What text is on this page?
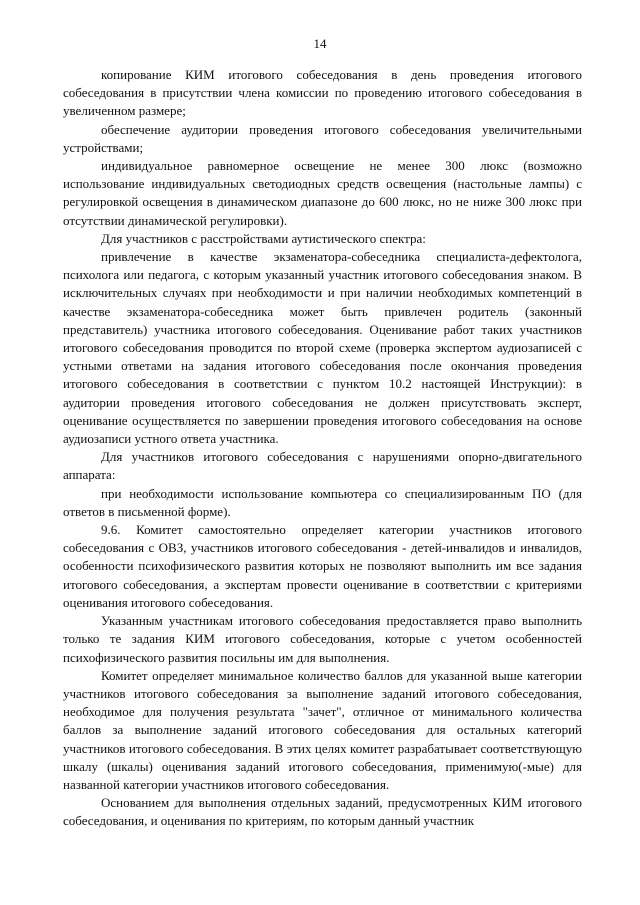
14

копирование КИМ итогового собеседования в день проведения итогового собеседования в присутствии члена комиссии по проведению итогового собеседования в увеличенном размере;

обеспечение аудитории проведения итогового собеседования увеличительными устройствами;

индивидуальное равномерное освещение не менее 300 люкс (возможно использование индивидуальных светодиодных средств освещения (настольные лампы) с регулировкой освещения в динамическом диапазоне до 600 люкс, но не ниже 300 люкс при отсутствии динамической регулировки).

Для участников с расстройствами аутистического спектра:

привлечение в качестве экзаменатора-собеседника специалиста-дефектолога, психолога или педагога, с которым указанный участник итогового собеседования знаком. В исключительных случаях при необходимости и при наличии необходимых компетенций в качестве экзаменатора-собеседника может быть привлечен родитель (законный представитель) участника итогового собеседования. Оценивание работ таких участников итогового собеседования проводится по второй схеме (проверка экспертом аудиозаписей с устными ответами на задания итогового собеседования после окончания проведения итогового собеседования в соответствии с пунктом 10.2 настоящей Инструкции): в аудитории проведения итогового собеседования не должен присутствовать эксперт, оценивание осуществляется по завершении проведения итогового собеседования на основе аудиозаписи устного ответа участника.

Для участников итогового собеседования с нарушениями опорно-двигательного аппарата:

при необходимости использование компьютера со специализированным ПО (для ответов в письменной форме).

9.6. Комитет самостоятельно определяет категории участников итогового собеседования с ОВЗ, участников итогового собеседования - детей-инвалидов и инвалидов, особенности психофизического развития которых не позволяют выполнить им все задания итогового собеседования, а экспертам провести оценивание в соответствии с критериями оценивания итогового собеседования.

Указанным участникам итогового собеседования предоставляется право выполнить только те задания КИМ итогового собеседования, которые с учетом особенностей психофизического развития посильны им для выполнения.

Комитет определяет минимальное количество баллов для указанной выше категории участников итогового собеседования за выполнение заданий итогового собеседования, необходимое для получения результата "зачет", отличное от минимального количества баллов за выполнение заданий итогового собеседования для остальных категорий участников итогового собеседования. В этих целях комитет разрабатывает соответствующую шкалу (шкалы) оценивания заданий итогового собеседования, применимую(-мые) для названной категории участников итогового собеседования.

Основанием для выполнения отдельных заданий, предусмотренных КИМ итогового собеседования, и оценивания по критериям, по которым данный участник
